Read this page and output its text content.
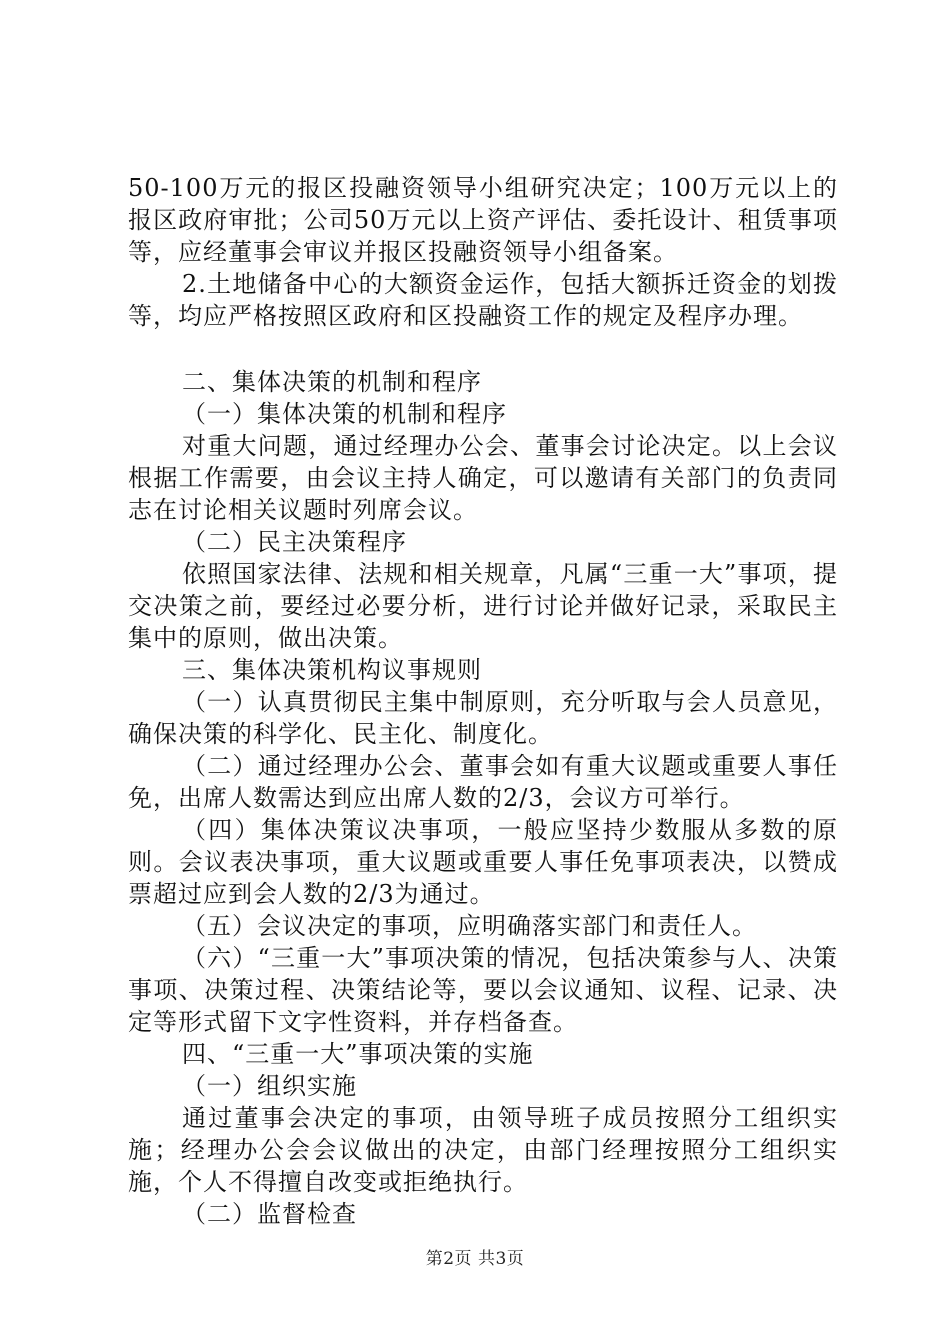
50-100万元的报区投融资领导小组研究决定；100万元以上的报区政府审批；公司50万元以上资产评估、委托设计、租赁事项等，应经董事会审议并报区投融资领导小组备案。

2.土地储备中心的大额资金运作，包括大额拆迁资金的划拨等，均应严格按照区政府和区投融资工作的规定及程序办理。

二、集体决策的机制和程序

（一）集体决策的机制和程序

对重大问题，通过经理办公会、董事会讨论决定。以上会议根据工作需要，由会议主持人确定，可以邀请有关部门的负责同志在讨论相关议题时列席会议。

（二）民主决策程序

依照国家法律、法规和相关规章，凡属“三重一大”事项，提交决策之前，要经过必要分析，进行讨论并做好记录，采取民主集中的原则，做出决策。

三、集体决策机构议事规则

（一）认真贯彻民主集中制原则，充分听取与会人员意见，确保决策的科学化、民主化、制度化。

（二）通过经理办公会、董事会如有重大议题或重要人事任免，出席人数需达到应出席人数的2/3，会议方可举行。

（四）集体决策议决事项，一般应坚持少数服从多数的原则。会议表决事项，重大议题或重要人事任免事项表决，以赞成票超过应到会人数的2/3为通过。

（五）会议决定的事项，应明确落实部门和责任人。

（六）“三重一大”事项决策的情况，包括决策参与人、决策事项、决策过程、决策结论等，要以会议通知、议程、记录、决定等形式留下文字性资料，并存档备查。

四、“三重一大”事项决策的实施

（一）组织实施

通过董事会决定的事项，由领导班子成员按照分工组织实施；经理办公会会议做出的决定，由部门经理按照分工组织实施，个人不得擅自改变或拒绝执行。

（二）监督检查

第2页 共3页
